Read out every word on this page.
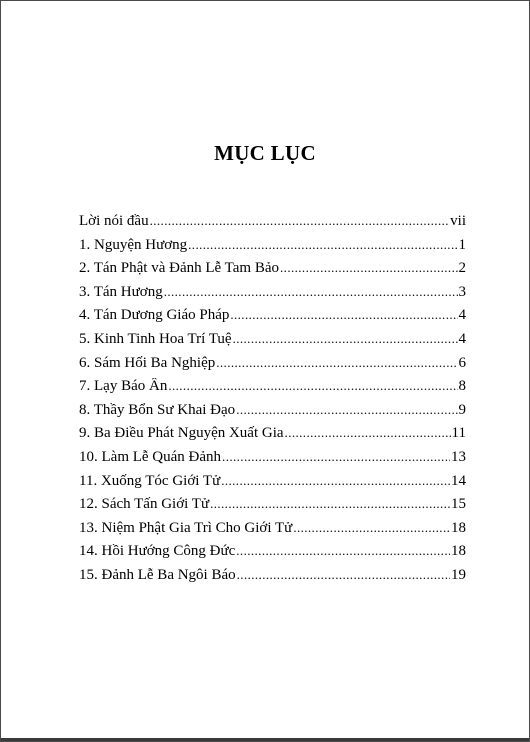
MỤC LỤC
Lời nói đầu .....	vii
1. Nguyện Hương .....	1
2. Tán Phật và Đảnh Lễ Tam Bảo .....	2
3. Tán Hương .....	3
4. Tán Dương Giáo Pháp .....	4
5. Kinh Tinh Hoa Trí Tuệ .....	4
6. Sám Hối Ba Nghiệp .....	6
7. Lạy Báo Ân .....	8
8. Thầy Bổn Sư Khai Đạo .....	9
9. Ba Điều Phát Nguyện Xuất Gia .....	11
10. Làm Lễ Quán Đảnh .....	13
11. Xuống Tóc Giới Tử .....	14
12. Sách Tấn Giới Tử .....	15
13. Niệm Phật Gia Trì Cho Giới Tử .....	18
14. Hồi Hướng Công Đức .....	18
15. Đảnh Lễ Ba Ngôi Báo .....	19
